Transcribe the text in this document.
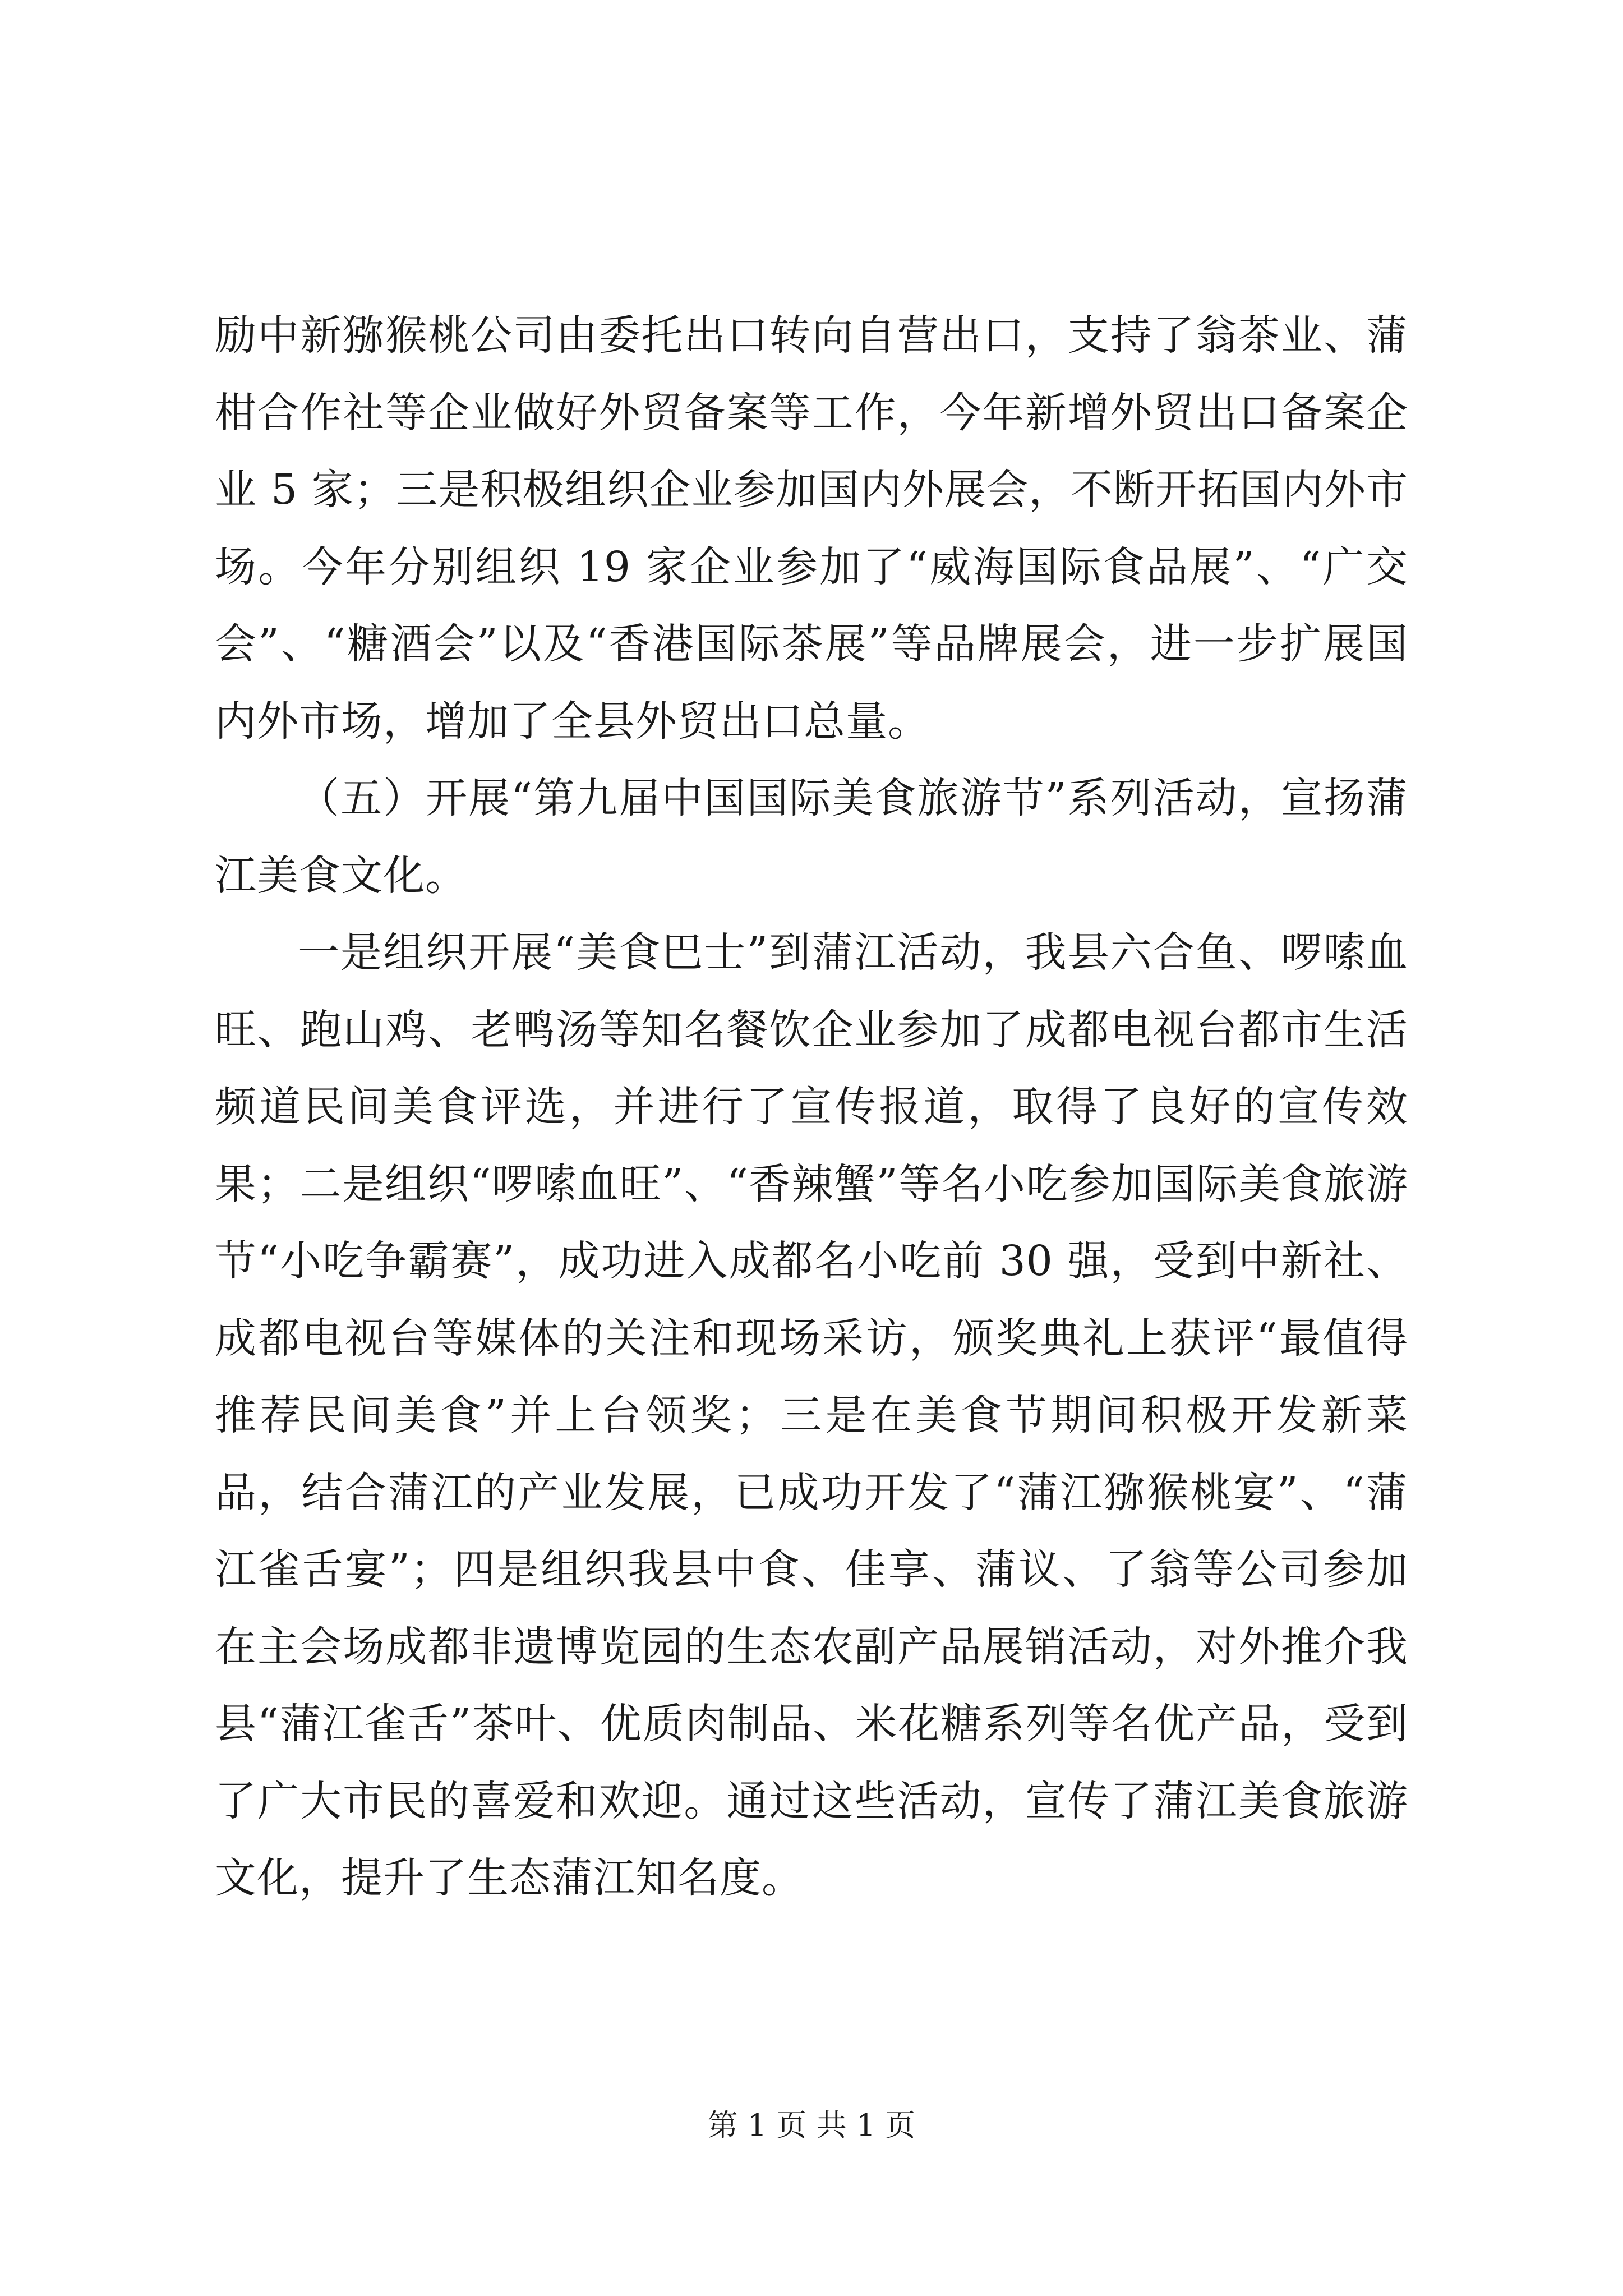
励中新猕猴桃公司由委托出口转向自营出口，支持了翁茶业、蒲柑合作社等企业做好外贸备案等工作，今年新增外贸出口备案企业 5 家；三是积极组织企业参加国内外展会，不断开拓国内外市场。今年分别组织 19 家企业参加了“威海国际食品展”、“广交会”、“糖酒会”以及“香港国际茶展”等品牌展会，进一步扩展国内外市场，增加了全县外贸出口总量。

（五）开展“第九届中国国际美食旅游节”系列活动，宣扬蒲江美食文化。

一是组织开展“美食巴士”到蒲江活动，我县六合鱼、啰嗦血旺、跑山鸡、老鸭汤等知名餐饮企业参加了成都电视台都市生活频道民间美食评选，并进行了宣传报道，取得了良好的宣传效果；二是组织“啰嗦血旺”、“香辣蟹”等名小吃参加国际美食旅游节“小吃争霸赛”，成功进入成都名小吃前 30 强，受到中新社、成都电视台等媒体的关注和现场采访，颁奖典礼上获评“最值得推荐民间美食”并上台领奖；三是在美食节期间积极开发新菜品，结合蒲江的产业发展，已成功开发了“蒲江猕猴桃宴”、“蒲江雀舌宴”；四是组织我县中食、佳享、蒲议、了翁等公司参加在主会场成都非遗博览园的生态农副产品展销活动，对外推介我县“蒲江雀舌”茶叶、优质肉制品、米花糖系列等名优产品，受到了广大市民的喜爱和欢迎。通过这些活动，宣传了蒲江美食旅游文化，提升了生态蒲江知名度。

第 1 页 共 1 页
